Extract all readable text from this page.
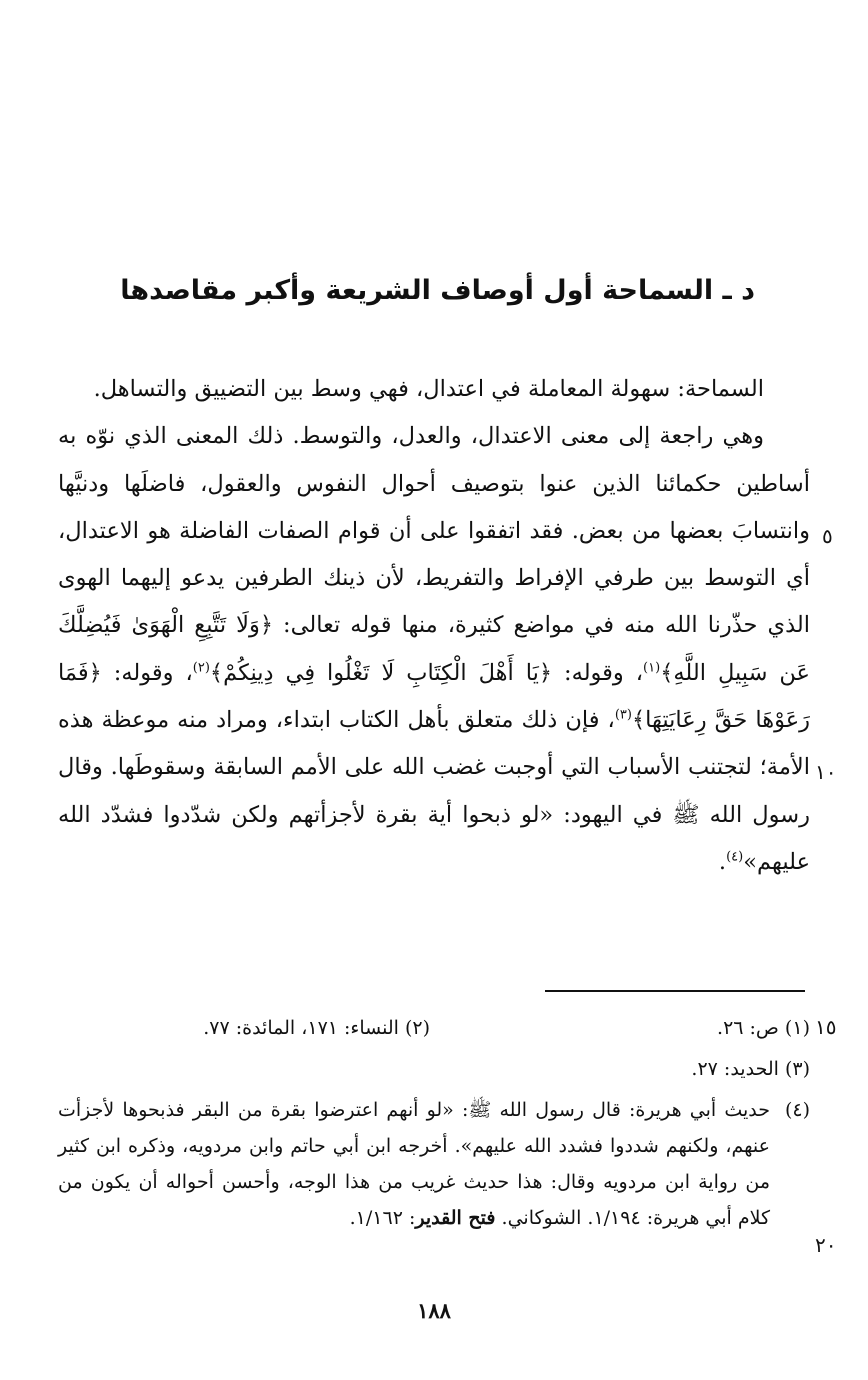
د ـ السماحة أول أوصاف الشريعة وأكبر مقاصدها

السماحة: سهولة المعاملة في اعتدال، فهي وسط بين التضييق والتساهل.

وهي راجعة إلى معنى الاعتدال، والعدل، والتوسط. ذلك المعنى الذي نوّه به أساطين حكمائنا الذين عنوا بتوصيف أحوال النفوس والعقول، فاضلَها ودنيَّها وانتسابَ بعضها من بعض. فقد اتفقوا على أن قوام الصفات الفاضلة هو الاعتدال، أي التوسط بين طرفي الإفراط والتفريط، لأن ذينك الطرفين يدعو إليهما الهوى الذي حذّرنا الله منه في مواضع كثيرة، منها قوله تعالى: ﴿وَلَا تَتَّبِعِ الْهَوَىٰ فَيُضِلَّكَ عَن سَبِيلِ اللَّهِ﴾$^{(١)}$، وقوله: ﴿يَا أَهْلَ الْكِتَابِ لَا تَغْلُوا فِي دِينِكُمْ﴾$^{(٢)}$، وقوله: ﴿فَمَا رَعَوْهَا حَقَّ رِعَايَتِهَا﴾$^{(٣)}$، فإن ذلك متعلق بأهل الكتاب ابتداء، ومراد منه موعظة هذه الأمة؛ لتجتنب الأسباب التي أوجبت غضب الله على الأمم السابقة وسقوطَها. وقال رسول الله ﷺ في اليهود: «لو ذبحوا أية بقرة لأجزأتهم ولكن شدّدوا فشدّد الله عليهم»$^{(٤)}$.

٥
١٠
١٥
٢٠
(١) ص: ٢٦.
(٢) النساء: ١٧١، المائدة: ٧٧.
(٣) الحديد: ٢٧.
(٤)
حديث أبي هريرة: قال رسول الله ﷺ: «لو أنهم اعترضوا بقرة من البقر فذبحوها لأجزأت عنهم، ولكنهم شددوا فشدد الله عليهم». أخرجه ابن أبي حاتم وابن مردويه، وذكره ابن كثير من رواية ابن مردويه وقال: هذا حديث غريب من هذا الوجه، وأحسن أحواله أن يكون من كلام أبي هريرة: ١/١٩٤. الشوكاني. فتح القدير: ١/١٦٢.
١٨٨
